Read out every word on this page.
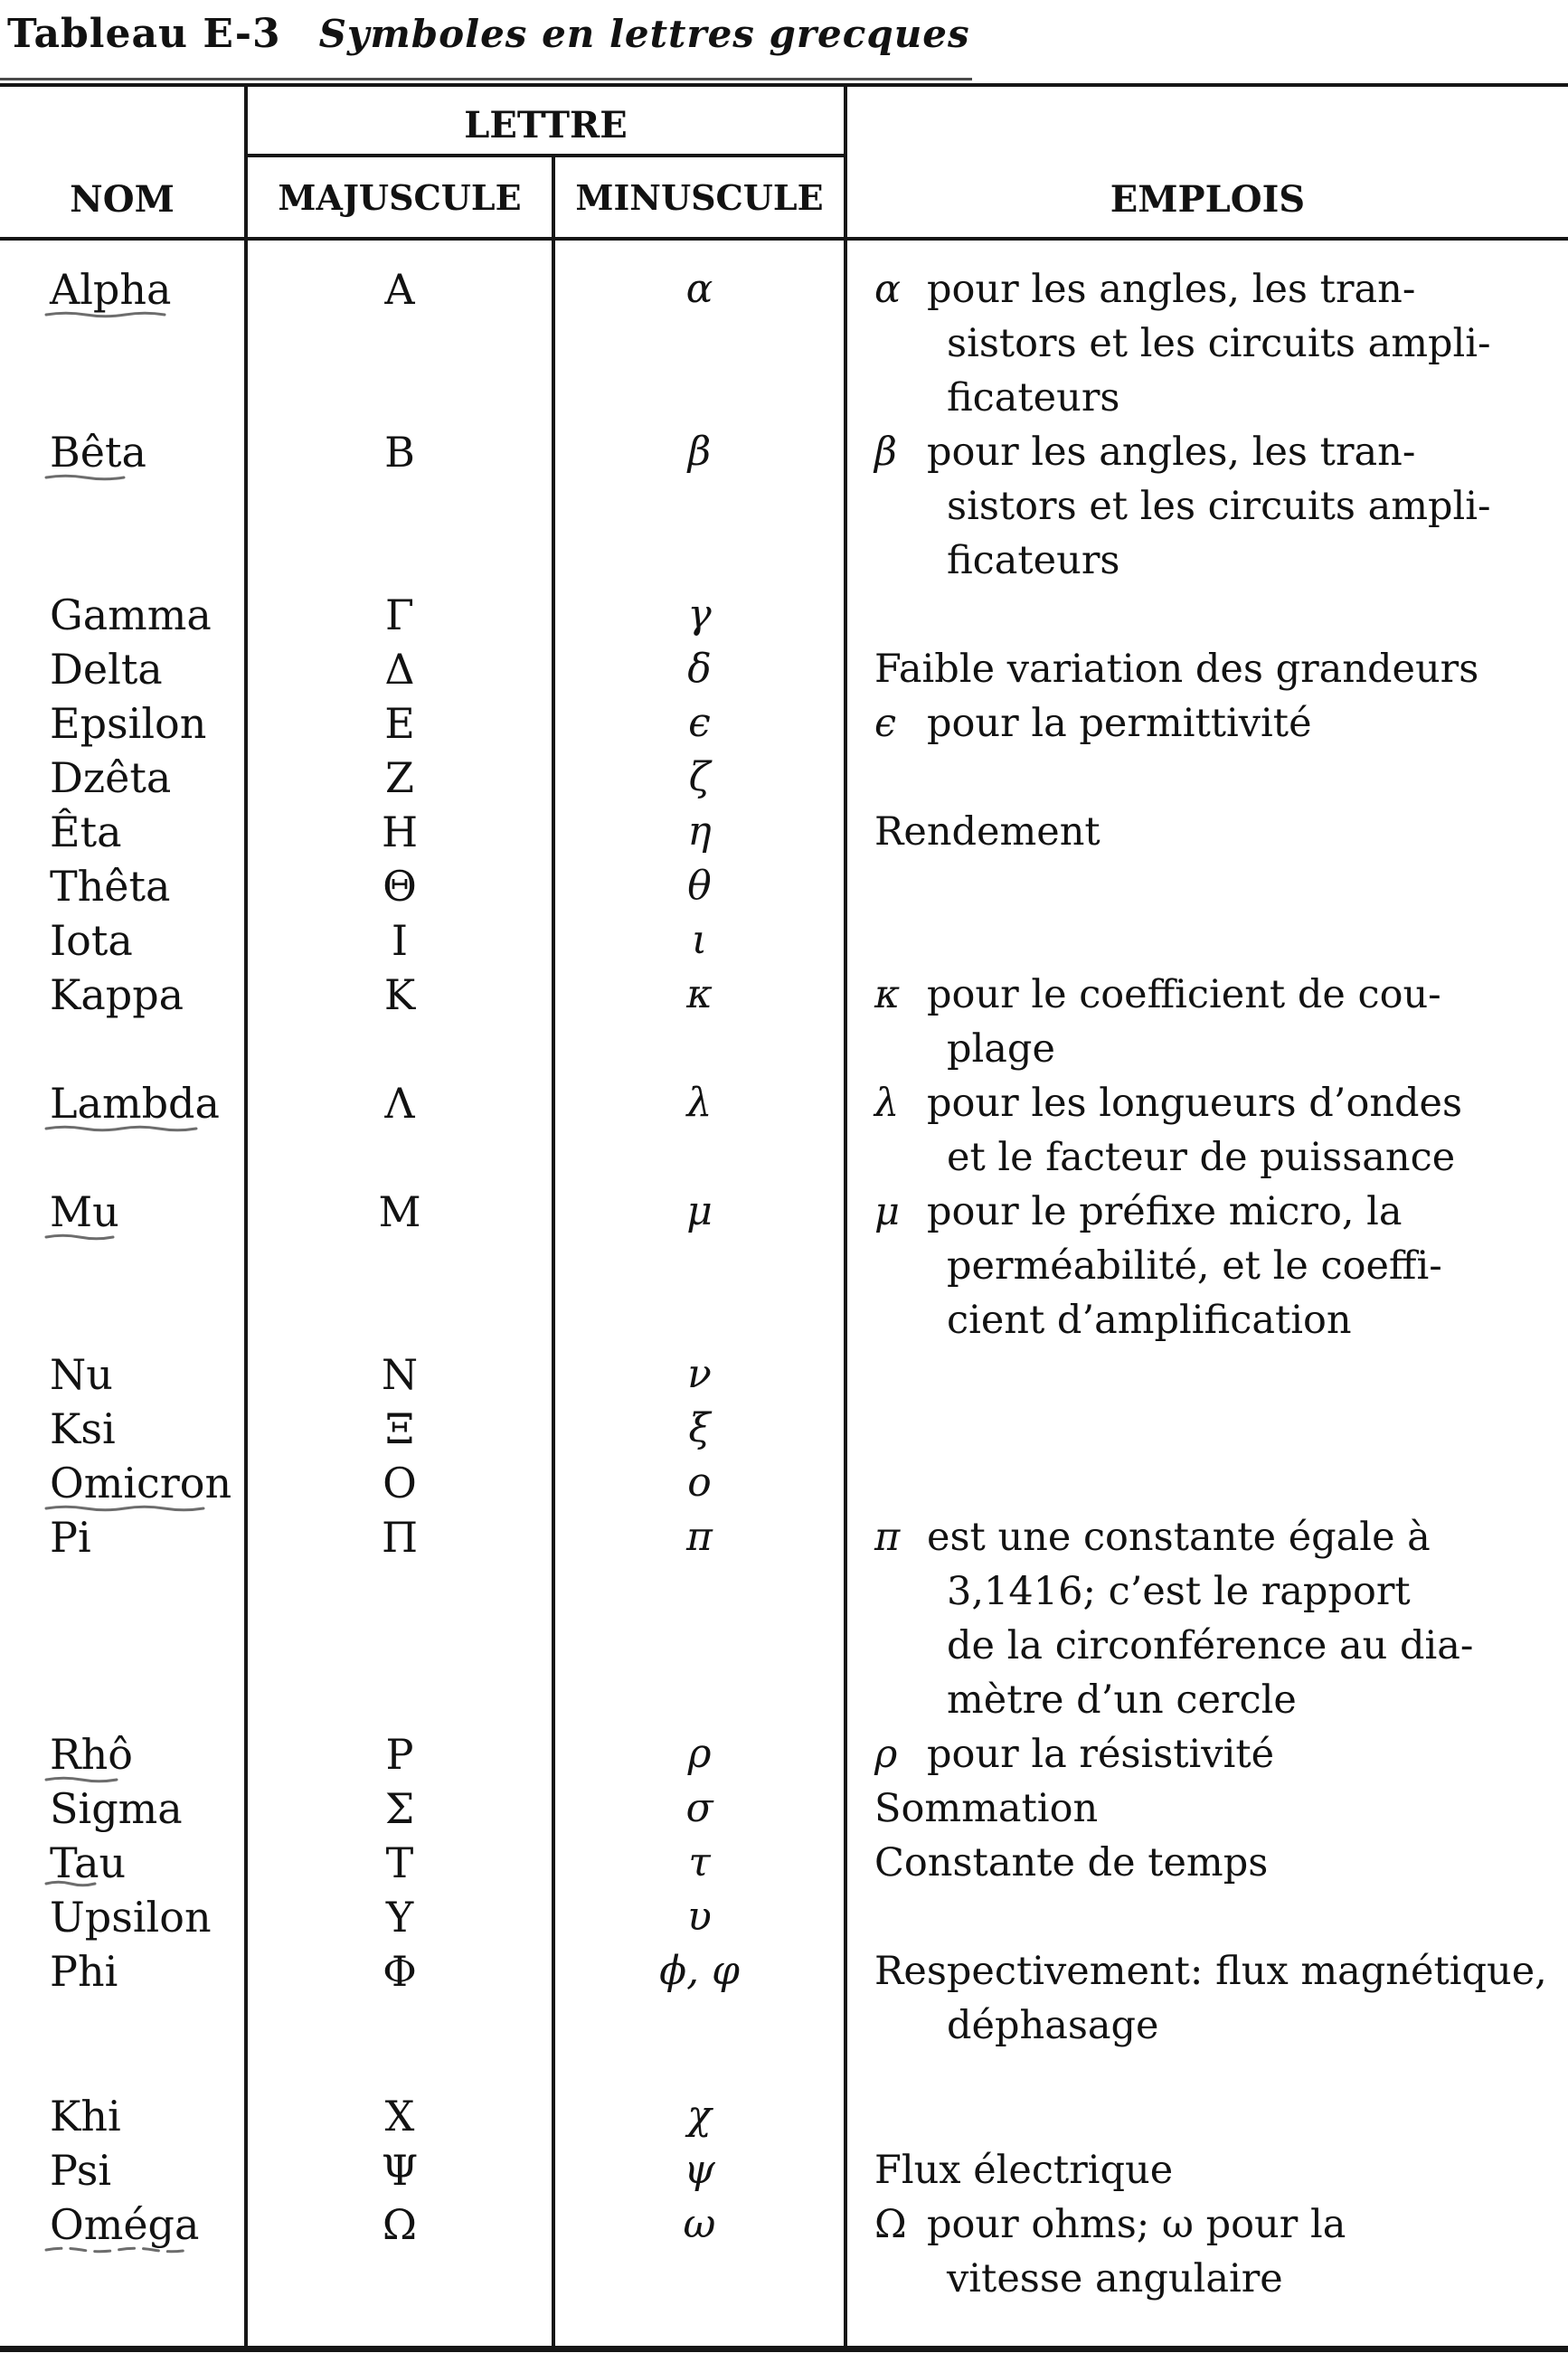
Tableau E-3 Symboles en lettres grecques
NOM
LETTRE
MAJUSCULE	MINUSCULE	EMPLOIS
Alpha	A	α	α pour les angles, les tran-
sistors et les circuits ampli-
ficateurs
Bêta	B	β	β pour les angles, les tran-
sistors et les circuits ampli-
ficateurs
Gamma	Γ	γ
Delta	Δ	δ	Faible variation des grandeurs
Epsilon	E	ϵ	ϵ pour la permittivité
Dzêta	Z	ζ
Êta	H	η	Rendement
Thêta	Θ	θ
Iota	I	ι
Kappa	K	κ	κ pour le coefficient de cou-
plage
Lambda	Λ	λ	λ pour les longueurs d’ondes
et le facteur de puissance
Mu	M	μ	μ pour le préfixe micro, la
perméabilité, et le coeffi-
cient d’amplification
Nu	N	ν
Ksi	Ξ	ξ
Omicron	O	o
Pi	Π	π	π est une constante égale à
3,1416; c’est le rapport
de la circonférence au dia-
mètre d’un cercle
Rhô	P	ρ	ρ pour la résistivité
Sigma	Σ	σ	Sommation
Tau	T	τ	Constante de temps
Upsilon	Y	υ
Phi	Φ	ϕ, φ	Respectivement: flux magnétique,
déphasage
Khi	X	χ
Psi	Ψ	ψ	Flux électrique
Oméga	Ω	ω	Ω pour ohms; ω pour la
vitesse angulaire
